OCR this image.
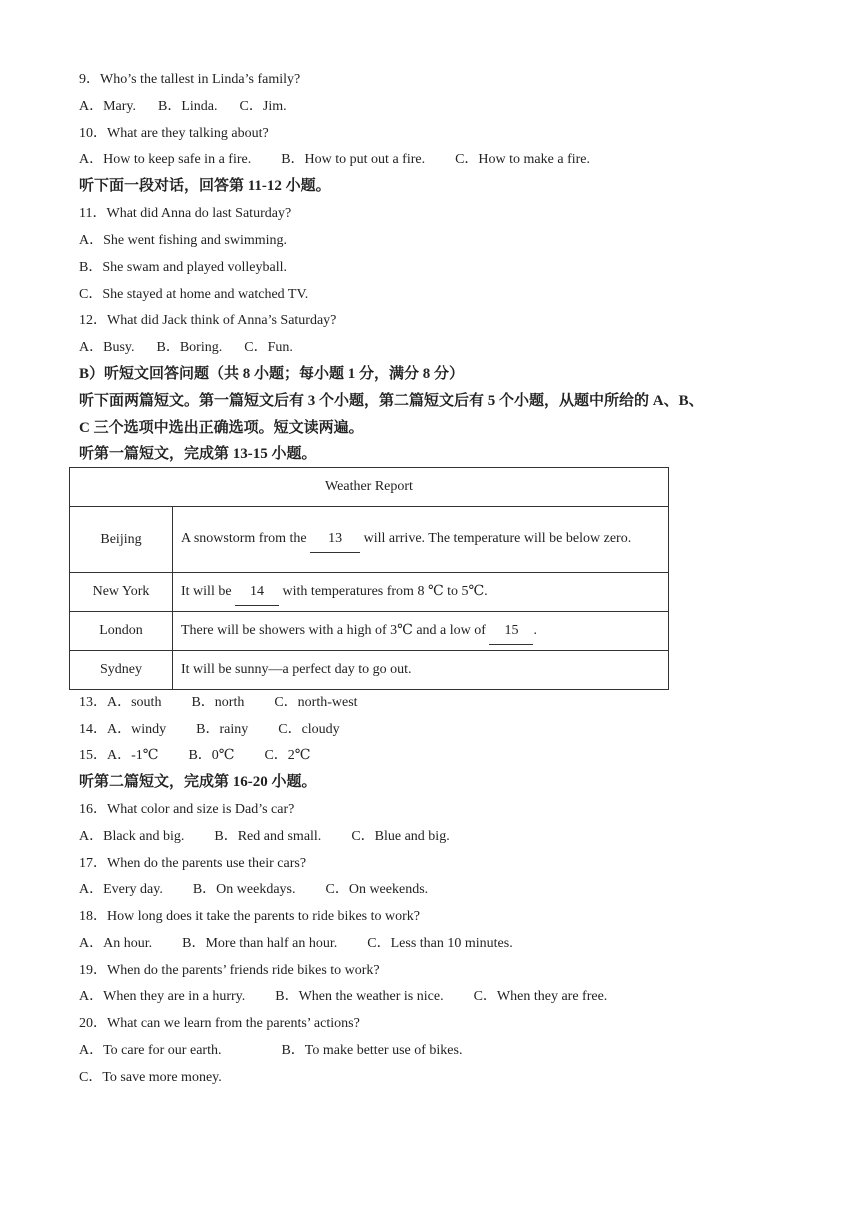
9．Who’s the tallest in Linda’s family?
A．Mary. B．Linda. C．Jim.
10．What are they talking about?
A．How to keep safe in a fire. B．How to put out a fire. C．How to make a fire.
听下面一段对话，回答第 11-12 小题。
11．What did Anna do last Saturday?
A．She went fishing and swimming.
B．She swam and played volleyball.
C．She stayed at home and watched TV.
12．What did Jack think of Anna’s Saturday?
A．Busy. B．Boring. C．Fun.
B）听短文回答问题（共 8 小题；每小题 1 分，满分 8 分）
听下面两篇短文。第一篇短文后有 3 个小题，第二篇短文后有 5 个小题，从题中所给的 A、B、
C 三个选项中选出正确选项。短文读两遍。
听第一篇短文，完成第 13-15 小题。
Weather Report	
Beijing	A snowstorm from the 13 will arrive. The temperature will be below zero.
New York	It will be 14 with temperatures from 8 ℃ to 5℃.
London	There will be showers with a high of 3℃ and a low of 15 .
Sydney	It will be sunny—a perfect day to go out.
13．A．south B．north C．north-west
14．A．windy B．rainy C．cloudy
15．A．-1℃ B．0℃ C．2℃
听第二篇短文，完成第 16-20 小题。
16．What color and size is Dad’s car?
A．Black and big. B．Red and small. C．Blue and big.
17．When do the parents use their cars?
A．Every day. B．On weekdays. C．On weekends.
18．How long does it take the parents to ride bikes to work?
A．An hour. B．More than half an hour. C．Less than 10 minutes.
19．When do the parents’ friends ride bikes to work?
A．When they are in a hurry. B．When the weather is nice. C．When they are free.
20．What can we learn from the parents’ actions?
A．To care for our earth.	B．To make better use of bikes.
C．To save more money.
